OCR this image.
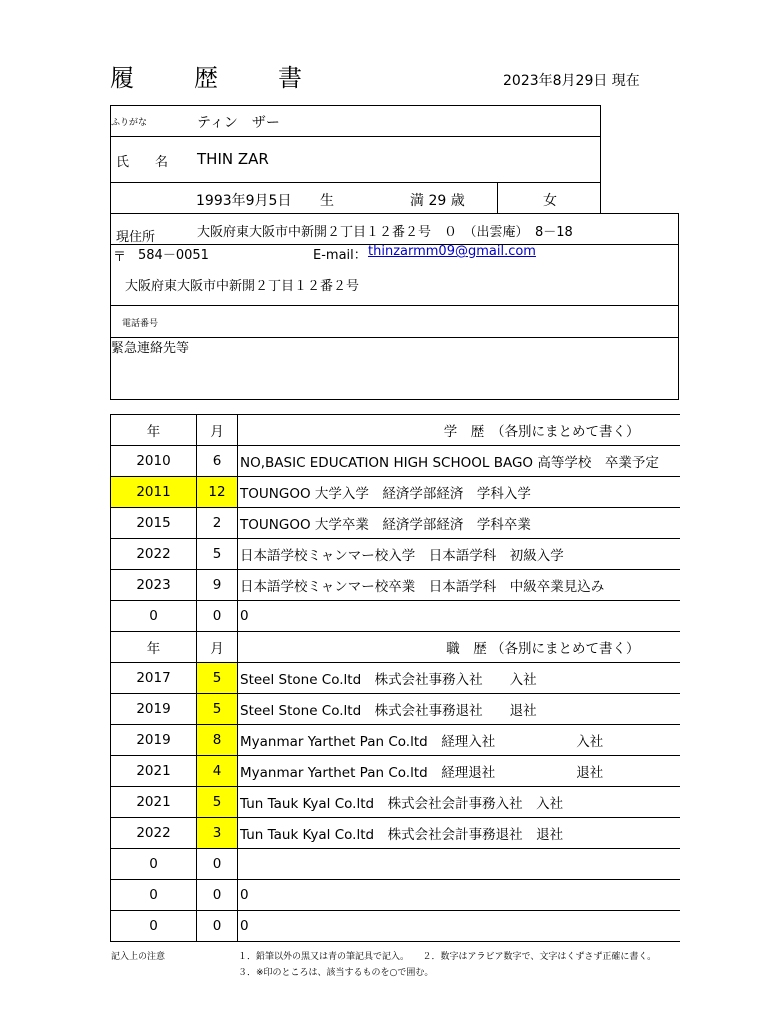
履　歴　書	2023年8月29日 現在
ふりがな	ティン　ザー
氏　　名 THIN ZAR
1993年9月5日 生	満 29 歳	女
現住所	大阪府東大阪市中新開２丁目１２番２号　０　（出雲庵）　8－18
〒 584－0051	E-mail： thinzarmm09@gmail.com
大阪府東大阪市中新開２丁目１２番２号
電話番号
緊急連絡先等
年	月	学　歴　（各別にまとめて書く）
2010	6	NO,BASIC EDUCATION HIGH SCHOOL BAGO 高等学校　卒業予定
2011	12	TOUNGOO 大学入学　経済学部経済　学科入学
2015	2	TOUNGOO 大学卒業　経済学部経済　学科卒業
2022	5	日本語学校ミャンマー校入学　日本語学科　初級入学
2023	9	日本語学校ミャンマー校卒業　日本語学科　中級卒業見込み
0	0	0
年	月	職　歴 （各別にまとめて書く）
2017	5	Steel Stone Co.ltd　株式会社事務入社　　入社
2019	5	Steel Stone Co.ltd　株式会社事務退社　　退社
2019	8	Myanmar Yarthet Pan Co.ltd　経理入社　　　　　　入社
2021	4	Myanmar Yarthet Pan Co.ltd　経理退社　　　　　　退社
2021	5	Tun Tauk Kyal Co.ltd　株式会社会計事務入社　入社
2022	3	Tun Tauk Kyal Co.ltd　株式会社会計事務退社　退社
0	0	
0	0	0
0	0	0
記入上の注意	１．鉛筆以外の黒又は青の筆記具で記入。　　２．数字はアラビア数字で、文字はくずさず正確に書く。
３．※印のところは、該当するものを○で囲む。
